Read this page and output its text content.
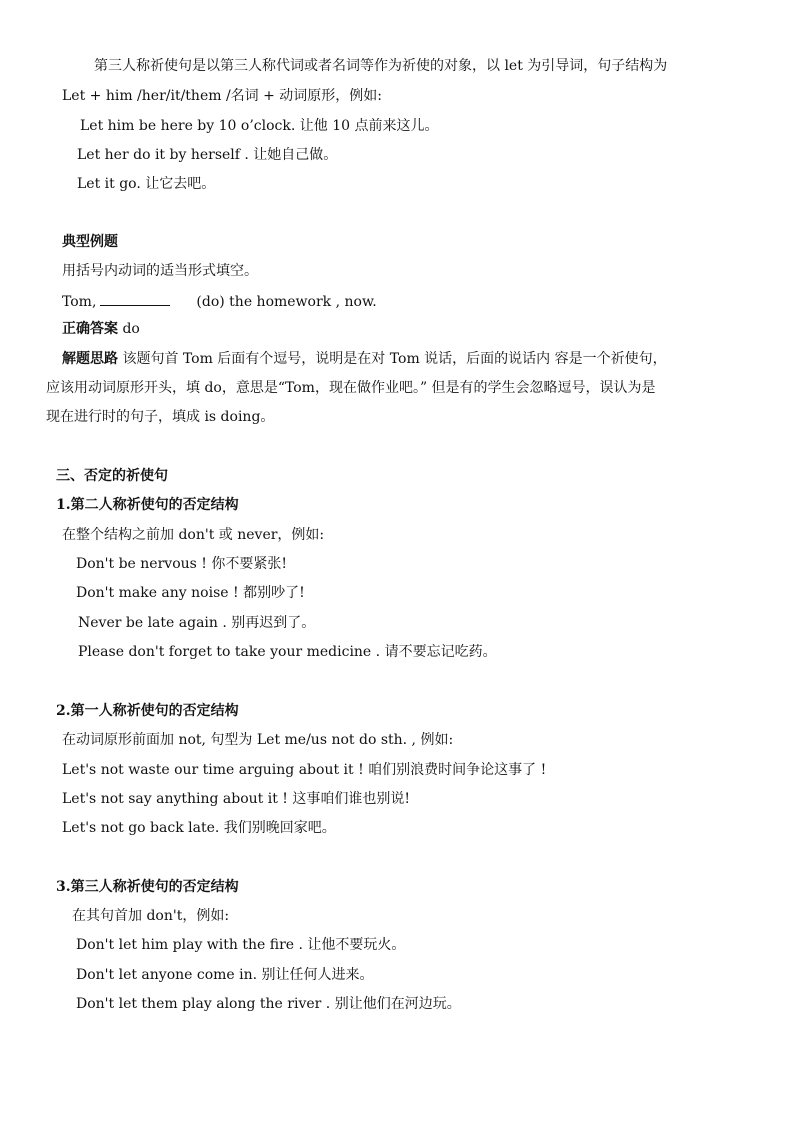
第三人称祈使句是以第三人称代词或者名词等作为祈使的对象，以 let 为引导词，句子结构为
Let + him /her/it/them /名词 + 动词原形，例如:
Let him be here by 10 o’clock. 让他 10 点前来这儿。
Let her do it by herself . 让她自己做。
Let it go. 让它去吧。
典型例题
用括号内动词的适当形式填空。
Tom,	(do) the homework , now.
正确答案 do
解题思路 该题句首 Tom 后面有个逗号，说明是在对 Tom 说话，后面的说话内 容是一个祈使句，
应该用动词原形开头，填 do，意思是“Tom，现在做作业吧。” 但是有的学生会忽略逗号，误认为是
现在进行时的句子，填成 is doing。
三、否定的祈使句
1.第二人称祈使句的否定结构
在整个结构之前加 don't 或 never，例如:
Don't be nervous ! 你不要紧张!
Don't make any noise ! 都别吵了!
Never be late again . 别再迟到了。
Please don't forget to take your medicine . 请不要忘记吃药。
2.第一人称祈使句的否定结构
在动词原形前面加 not, 句型为 Let me/us not do sth. , 例如:
Let's not waste our time arguing about it ! 咱们别浪费时间争论这事了 !
Let's not say anything about it ! 这事咱们谁也别说!
Let's not go back late. 我们别晚回家吧。
3.第三人称祈使句的否定结构
在其句首加 don't，例如:
Don't let him play with the fire . 让他不要玩火。
Don't let anyone come in. 别让任何人进来。
Don't let them play along the river . 别让他们在河边玩。
